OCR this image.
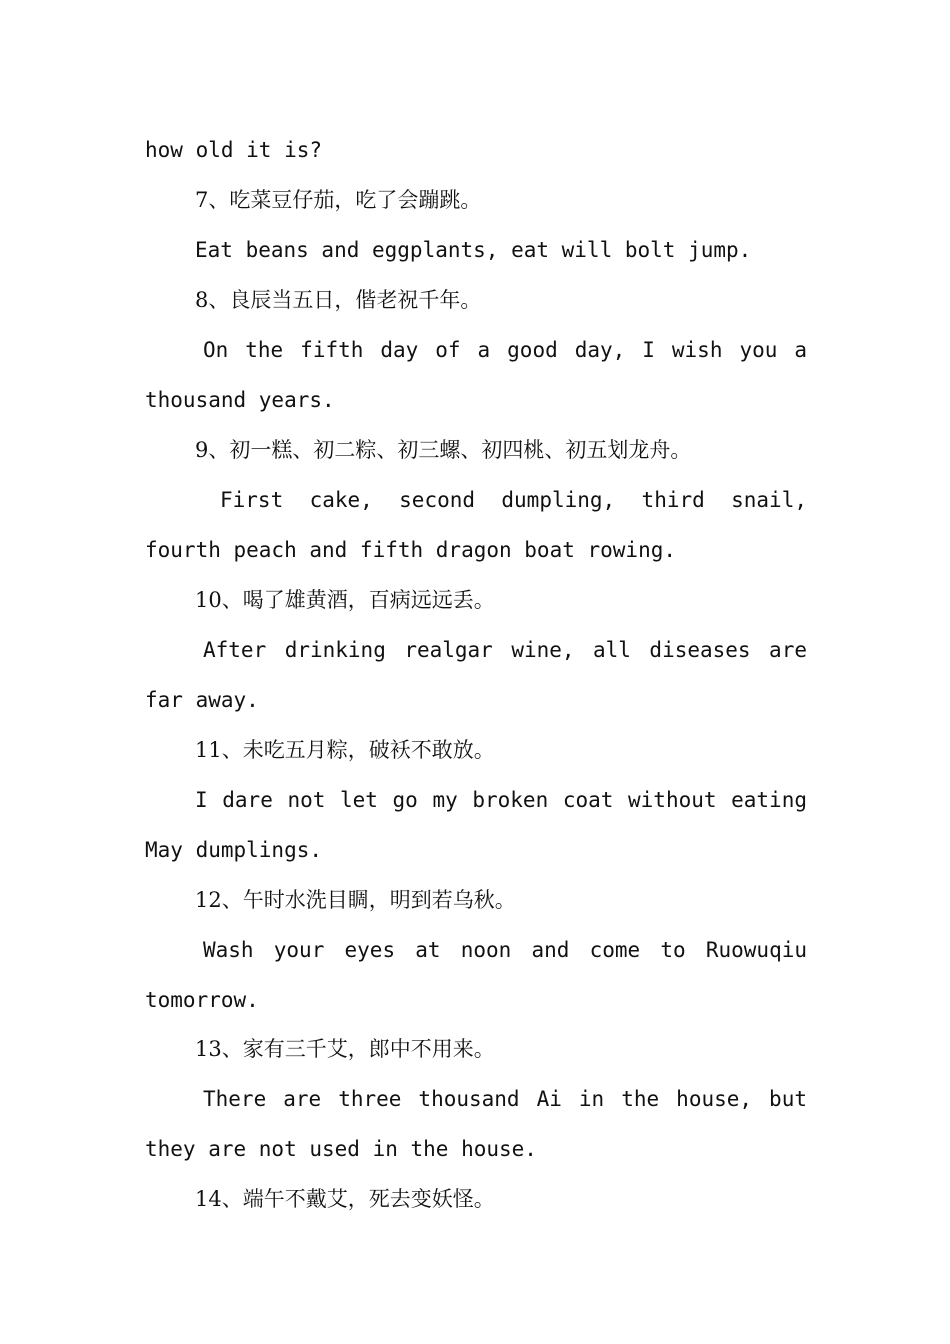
how old it is?
7、吃菜豆仔茄，吃了会蹦跳。
Eat beans and eggplants, eat will bolt jump.
8、良辰当五日，偕老祝千年。
On the fifth day of a good day, I wish you a
thousand years.
9、初一糕、初二粽、初三螺、初四桃、初五划龙舟。
First cake, second dumpling, third snail,
fourth peach and fifth dragon boat rowing.
10、喝了雄黄酒，百病远远丢。
After drinking realgar wine, all diseases are
far away.
11、未吃五月粽，破袄不敢放。
I dare not let go my broken coat without eating
May dumplings.
12、午时水洗目睭，明到若乌秋。
Wash your eyes at noon and come to Ruowuqiu
tomorrow.
13、家有三千艾，郎中不用来。
There are three thousand Ai in the house, but
they are not used in the house.
14、端午不戴艾，死去变妖怪。
